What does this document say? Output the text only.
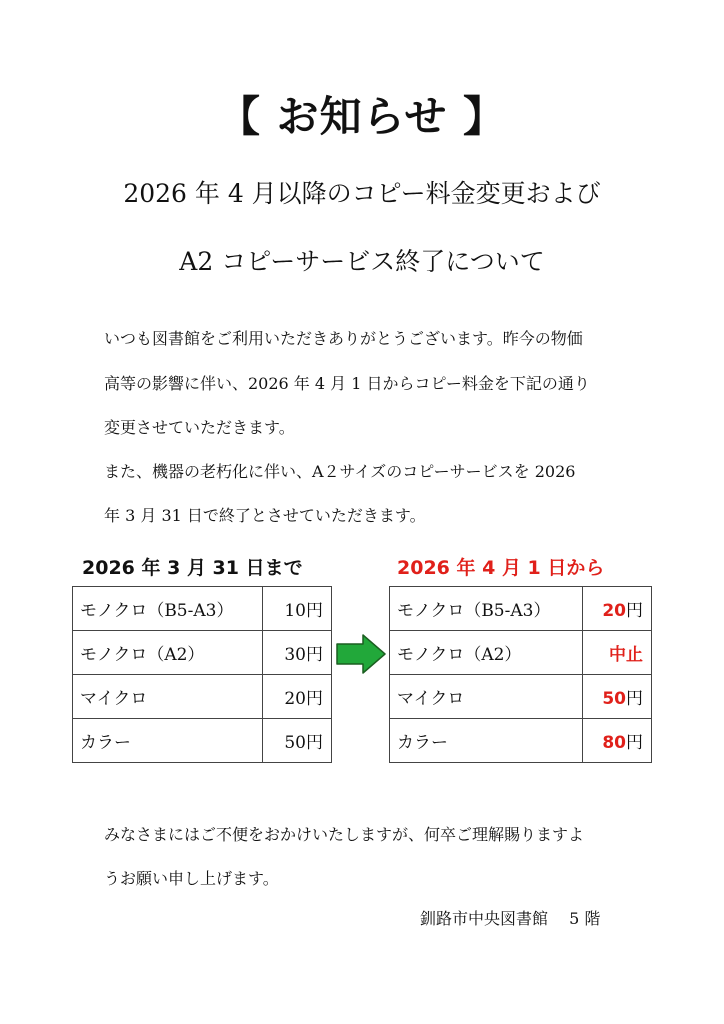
【 お知らせ 】
2026 年 4 月以降のコピー料金変更および
A2 コピーサービス終了について
いつも図書館をご利用いただきありがとうございます。昨今の物価
高等の影響に伴い、2026 年 4 月 1 日からコピー料金を下記の通り
変更させていただきます。
また、機器の老朽化に伴い、A２サイズのコピーサービスを 2026
年 3 月 31 日で終了とさせていただきます。
2026 年 3 月 31 日まで	2026 年 4 月 1 日から
モノクロ（B5-A3）	10円
モノクロ（A2）	30円
マイクロ	20円
カラー	50円
モノクロ（B5-A3）	20円
モノクロ（A2）	中止
マイクロ	50円
カラー	80円
みなさまにはご不便をおかけいたしますが、何卒ご理解賜りますよ
うお願い申し上げます。
釧路市中央図書館　 5 階
